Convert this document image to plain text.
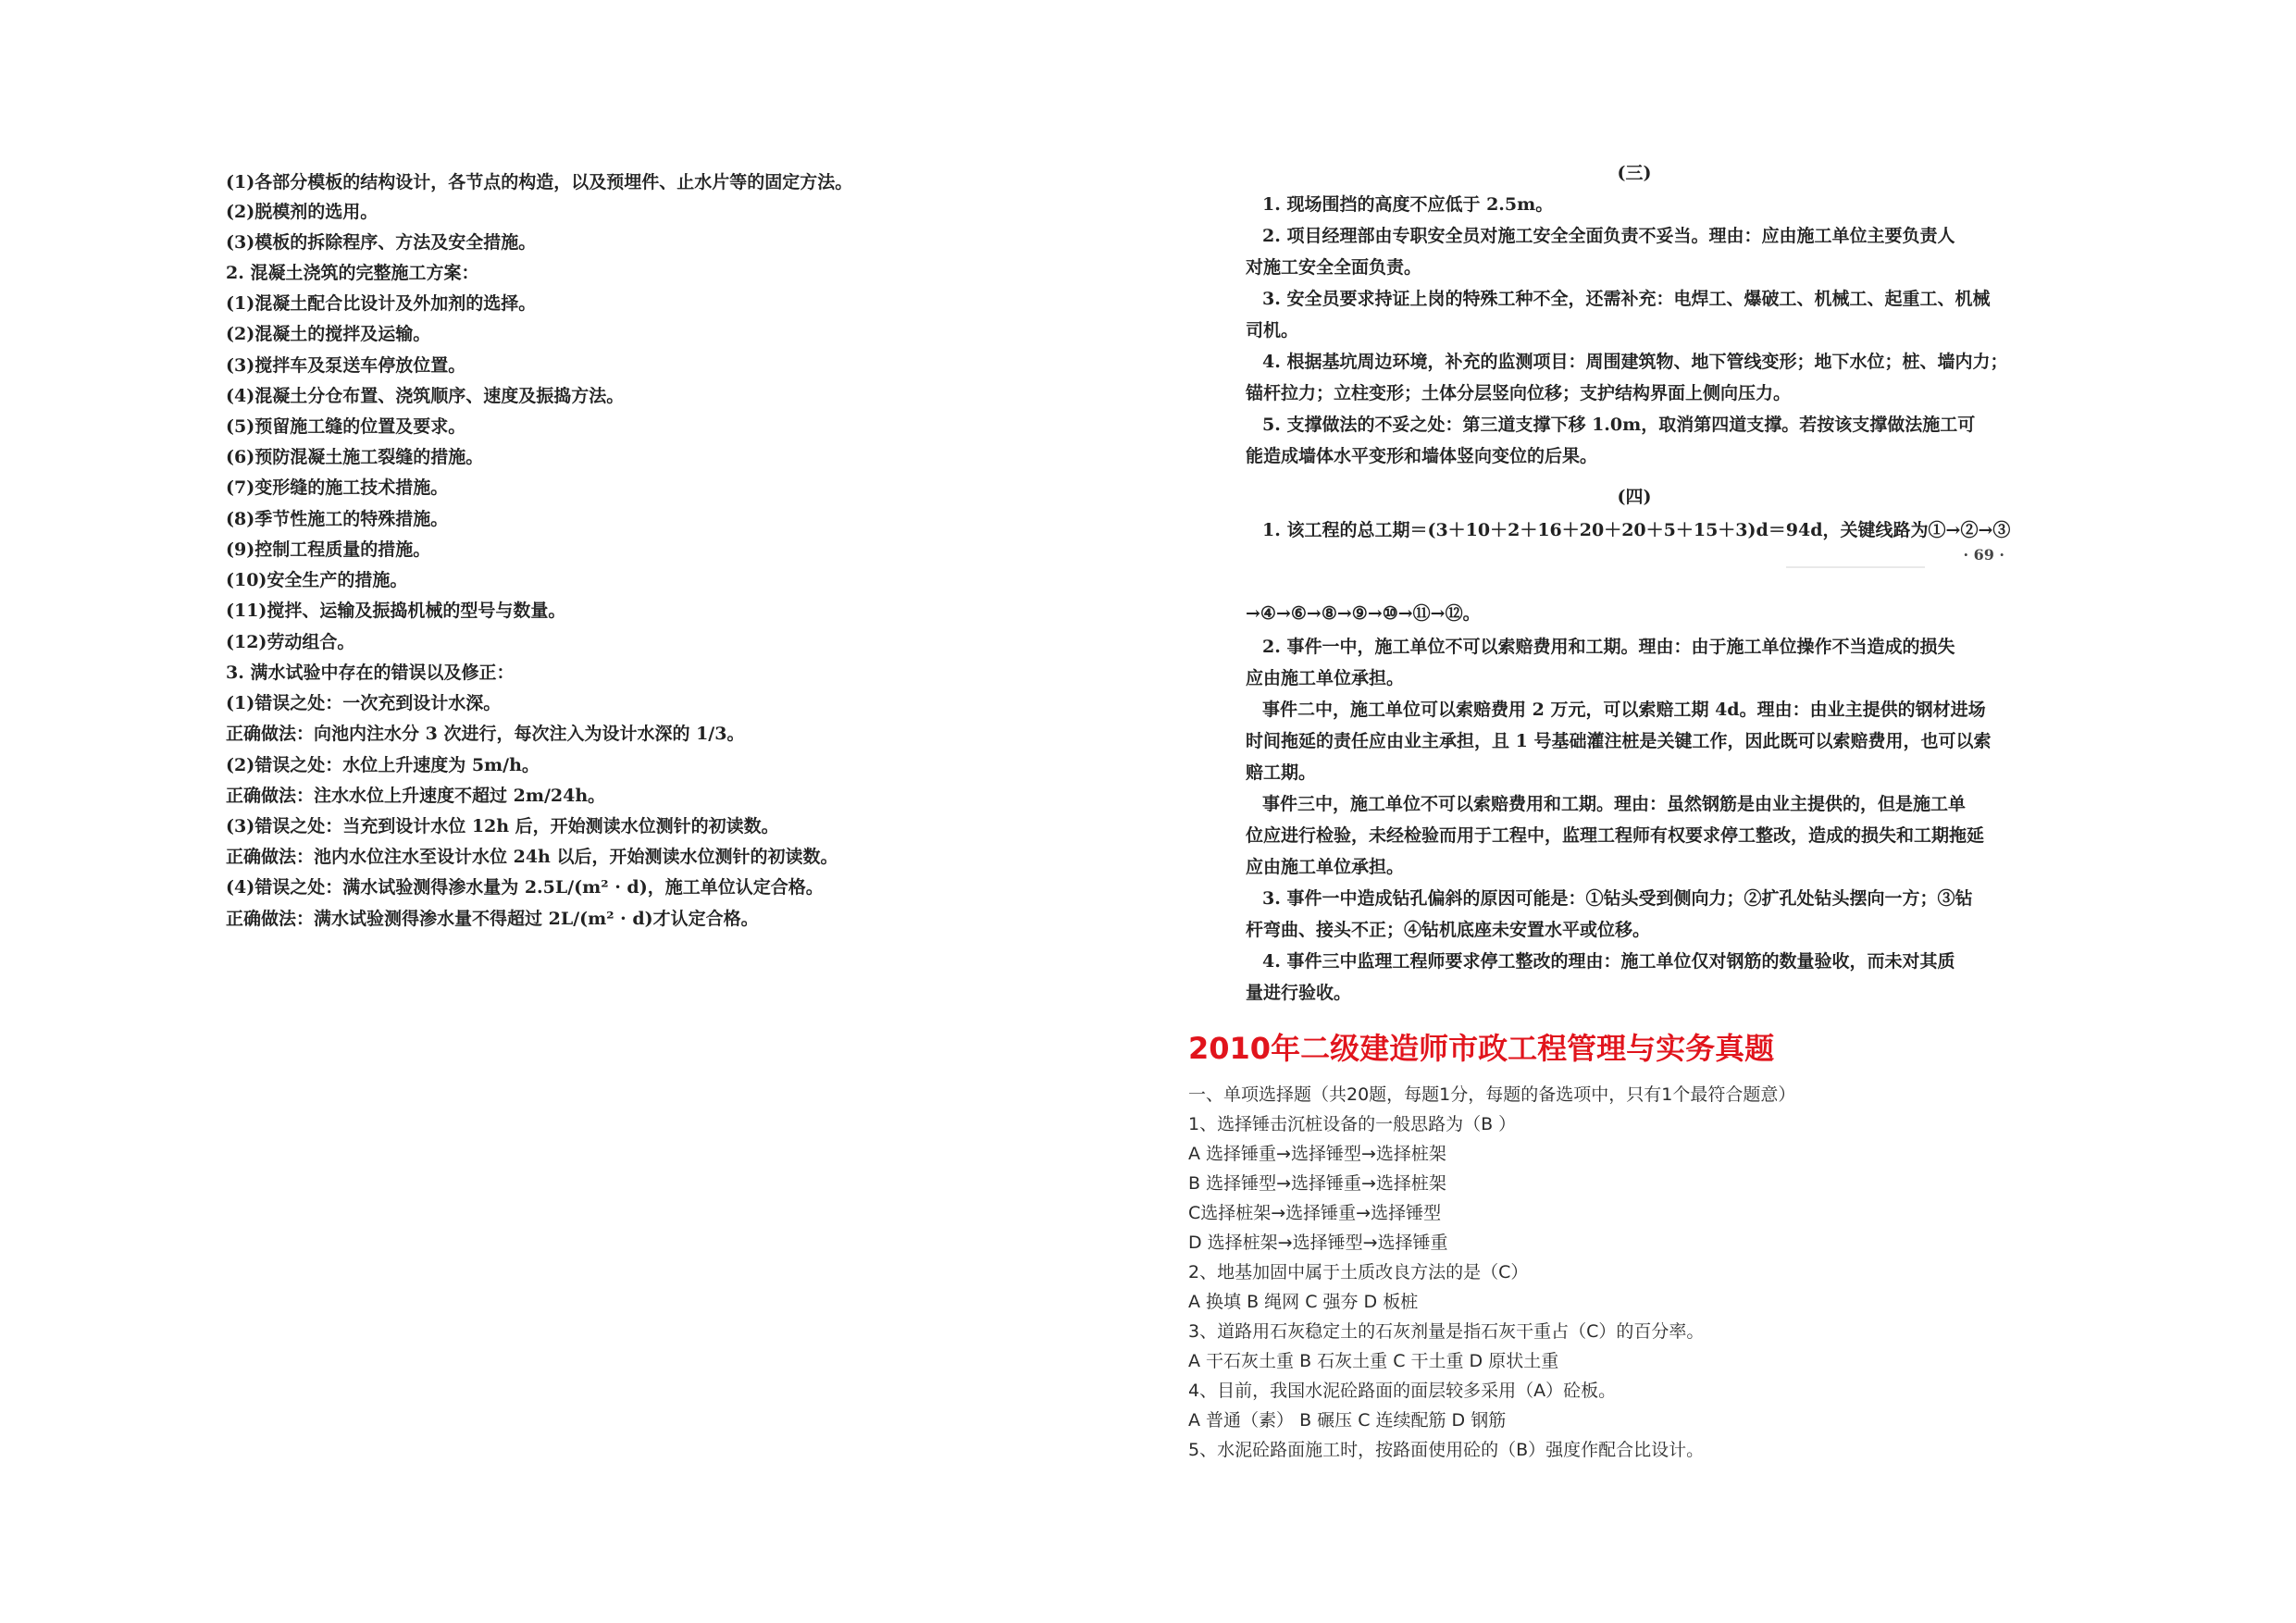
(1)各部分模板的结构设计，各节点的构造，以及预埋件、止水片等的固定方法。
(2)脱模剂的选用。
(3)模板的拆除程序、方法及安全措施。
2. 混凝土浇筑的完整施工方案：
(1)混凝土配合比设计及外加剂的选择。
(2)混凝土的搅拌及运输。
(3)搅拌车及泵送车停放位置。
(4)混凝土分仓布置、浇筑顺序、速度及振捣方法。
(5)预留施工缝的位置及要求。
(6)预防混凝土施工裂缝的措施。
(7)变形缝的施工技术措施。
(8)季节性施工的特殊措施。
(9)控制工程质量的措施。
(10)安全生产的措施。
(11)搅拌、运输及振捣机械的型号与数量。
(12)劳动组合。
3. 满水试验中存在的错误以及修正：
(1)错误之处：一次充到设计水深。
正确做法：向池内注水分 3 次进行，每次注入为设计水深的 1/3。
(2)错误之处：水位上升速度为 5m/h。
正确做法：注水水位上升速度不超过 2m/24h。
(3)错误之处：当充到设计水位 12h 后，开始测读水位测针的初读数。
正确做法：池内水位注水至设计水位 24h 以后，开始测读水位测针的初读数。
(4)错误之处：满水试验测得渗水量为 2.5L/(m² · d)，施工单位认定合格。
正确做法：满水试验测得渗水量不得超过 2L/(m² · d)才认定合格。
(三)
1. 现场围挡的高度不应低于 2.5m。
2. 项目经理部由专职安全员对施工安全全面负责不妥当。理由：应由施工单位主要负责人
对施工安全全面负责。
3. 安全员要求持证上岗的特殊工种不全，还需补充：电焊工、爆破工、机械工、起重工、机械
司机。
4. 根据基坑周边环境，补充的监测项目：周围建筑物、地下管线变形；地下水位；桩、墙内力；
锚杆拉力；立柱变形；土体分层竖向位移；支护结构界面上侧向压力。
5. 支撑做法的不妥之处：第三道支撑下移 1.0m，取消第四道支撑。若按该支撑做法施工可
能造成墙体水平变形和墙体竖向变位的后果。
(四)
1. 该工程的总工期＝(3＋10＋2＋16＋20＋20＋5＋15＋3)d＝94d，关键线路为①→②→③
· 69 ·
→④→⑥→⑧→⑨→⑩→⑪→⑫。
2. 事件一中，施工单位不可以索赔费用和工期。理由：由于施工单位操作不当造成的损失
应由施工单位承担。
事件二中，施工单位可以索赔费用 2 万元，可以索赔工期 4d。理由：由业主提供的钢材进场
时间拖延的责任应由业主承担，且 1 号基础灌注桩是关键工作，因此既可以索赔费用，也可以索
赔工期。
事件三中，施工单位不可以索赔费用和工期。理由：虽然钢筋是由业主提供的，但是施工单
位应进行检验，未经检验而用于工程中，监理工程师有权要求停工整改，造成的损失和工期拖延
应由施工单位承担。
3. 事件一中造成钻孔偏斜的原因可能是：①钻头受到侧向力；②扩孔处钻头摆向一方；③钻
杆弯曲、接头不正；④钻机底座未安置水平或位移。
4. 事件三中监理工程师要求停工整改的理由：施工单位仅对钢筋的数量验收，而未对其质
量进行验收。
2010年二级建造师市政工程管理与实务真题
一、单项选择题（共20题，每题1分，每题的备选项中，只有1个最符合题意）
1、选择锤击沉桩设备的一般思路为（B ）
A 选择锤重→选择锤型→选择桩架
B 选择锤型→选择锤重→选择桩架
C选择桩架→选择锤重→选择锤型
D 选择桩架→选择锤型→选择锤重
2、地基加固中属于土质改良方法的是（C）
A 换填 B 绳网 C 强夯 D 板桩
3、道路用石灰稳定土的石灰剂量是指石灰干重占（C）的百分率。
A 干石灰土重 B 石灰土重 C 干土重 D 原状土重
4、目前，我国水泥砼路面的面层较多采用（A）砼板。
A 普通（素） B 碾压 C 连续配筋 D 钢筋
5、水泥砼路面施工时，按路面使用砼的（B）强度作配合比设计。
